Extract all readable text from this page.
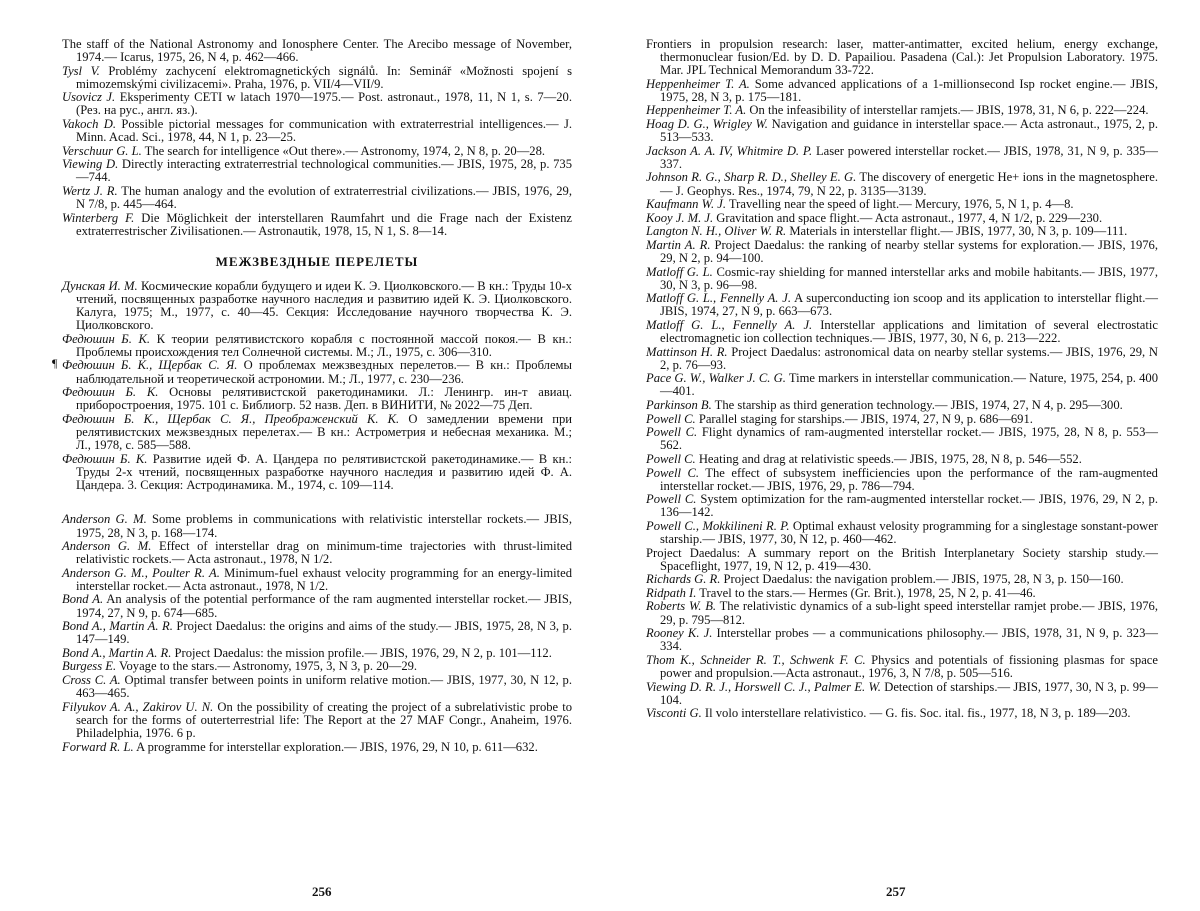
The staff of the National Astronomy and Ionosphere Center. The Arecibo message of November, 1974.— Icarus, 1975, 26, N 4, p. 462—466.

Tysl V. Problémy zachycení elektromagnetických signálů. In: Seminář «Možnosti spojení s mimozemskými civilizacemi». Praha, 1976, p. VII/4—VII/9.

Usovicz J. Eksperimenty CETI w latach 1970—1975.— Post. astronaut., 1978, 11, N 1, s. 7—20. (Рез. на рус., англ. яз.).

Vakoch D. Possible pictorial messages for communication with extraterrestrial intelligences.— J. Minn. Acad. Sci., 1978, 44, N 1, p. 23—25.

Verschuur G. L. The search for intelligence «Out there».— Astronomy, 1974, 2, N 8, p. 20—28.

Viewing D. Directly interacting extraterrestrial technological communities.— JBIS, 1975, 28, p. 735—744.

Wertz J. R. The human analogy and the evolution of extraterrestrial civilizations.— JBIS, 1976, 29, N 7/8, p. 445—464.

Winterberg F. Die Möglichkeit der interstellaren Raumfahrt und die Frage nach der Existenz extraterrestrischer Zivilisationen.— Astronautik, 1978, 15, N 1, S. 8—14.

МЕЖЗВЕЗДНЫЕ ПЕРЕЛЕТЫ

Дунская И. М. Космические корабли будущего и идеи К. Э. Циолковского.— В кн.: Труды 10-х чтений, посвященных разработке научного наследия и развитию идей К. Э. Циолковского. Калуга, 1975; М., 1977, с. 40—45. Секция: Исследование научного творчества К. Э. Циолковского.

Федюшин Б. К. К теории релятивистского корабля с постоянной массой покоя.— В кн.: Проблемы происхождения тел Солнечной системы. М.; Л., 1975, с. 306—310.

Федюшин Б. К., Щербак С. Я. О проблемах межзвездных перелетов.— В кн.: Проблемы наблюдательной и теоретической астрономии. М.; Л., 1977, с. 230—236.

Федюшин Б. К. Основы релятивистской ракетодинамики. Л.: Ленингр. ин-т авиац. приборостроения, 1975. 101 с. Библиогр. 52 назв. Деп. в ВИНИТИ, № 2022—75 Деп.

Федюшин Б. К., Щербак С. Я., Преображенский К. К. О замедлении времени при релятивистских межзвездных перелетах.— В кн.: Астрометрия и небесная механика. М.; Л., 1978, с. 585—588.

Федюшин Б. К. Развитие идей Ф. А. Цандера по релятивистской ракетодинамике.— В кн.: Труды 2-х чтений, посвященных разработке научного наследия и развитию идей Ф. А. Цандера. 3. Секция: Астродинамика. М., 1974, с. 109—114.

Anderson G. M. Some problems in communications with relativistic interstellar rockets.— JBIS, 1975, 28, N 3, p. 168—174.

Anderson G. M. Effect of interstellar drag on minimum-time trajectories with thrust-limited relativistic rockets.— Acta astronaut., 1978, N 1/2.

Anderson G. M., Poulter R. A. Minimum-fuel exhaust velocity programming for an energy-limited interstellar rocket.— Acta astronaut., 1978, N 1/2.

Bond A. An analysis of the potential performance of the ram augmented interstellar rocket.— JBIS, 1974, 27, N 9, p. 674—685.

Bond A., Martin A. R. Project Daedalus: the origins and aims of the study.— JBIS, 1975, 28, N 3, p. 147—149.

Bond A., Martin A. R. Project Daedalus: the mission profile.— JBIS, 1976, 29, N 2, p. 101—112.

Burgess E. Voyage to the stars.— Astronomy, 1975, 3, N 3, p. 20—29.

Cross C. A. Optimal transfer between points in uniform relative motion.— JBIS, 1977, 30, N 12, p. 463—465.

Filyukov A. A., Zakirov U. N. On the possibility of creating the project of a subrelativistic probe to search for the forms of outerterrestrial life: The Report at the 27 MAF Congr., Anaheim, 1976. Philadelphia, 1976. 6 p.

Forward R. L. A programme for interstellar exploration.— JBIS, 1976, 29, N 10, p. 611—632.

¶

Frontiers in propulsion research: laser, matter-antimatter, excited helium, energy exchange, thermonuclear fusion/Ed. by D. D. Papailiou. Pasadena (Cal.): Jet Propulsion Laboratory. 1975. Mar. JPL Technical Memorandum 33-722.

Heppenheimer T. A. Some advanced applications of a 1-millionsecond Isp rocket engine.— JBIS, 1975, 28, N 3, p. 175—181.

Heppenheimer T. A. On the infeasibility of interstellar ramjets.— JBIS, 1978, 31, N 6, p. 222—224.

Hoag D. G., Wrigley W. Navigation and guidance in interstellar space.— Acta astronaut., 1975, 2, p. 513—533.

Jackson A. A. IV, Whitmire D. P. Laser powered interstellar rocket.— JBIS, 1978, 31, N 9, p. 335—337.

Johnson R. G., Sharp R. D., Shelley E. G. The discovery of energetic He+ ions in the magnetosphere.— J. Geophys. Res., 1974, 79, N 22, p. 3135—3139.

Kaufmann W. J. Travelling near the speed of light.— Mercury, 1976, 5, N 1, p. 4—8.

Kooy J. M. J. Gravitation and space flight.— Acta astronaut., 1977, 4, N 1/2, p. 229—230.

Langton N. H., Oliver W. R. Materials in interstellar flight.— JBIS, 1977, 30, N 3, p. 109—111.

Martin A. R. Project Daedalus: the ranking of nearby stellar systems for exploration.— JBIS, 1976, 29, N 2, p. 94—100.

Matloff G. L. Cosmic-ray shielding for manned interstellar arks and mobile habitants.— JBIS, 1977, 30, N 3, p. 96—98.

Matloff G. L., Fennelly A. J. A superconducting ion scoop and its application to interstellar flight.— JBIS, 1974, 27, N 9, p. 663—673.

Matloff G. L., Fennelly A. J. Interstellar applications and limitation of several electrostatic electromagnetic ion collection techniques.— JBIS, 1977, 30, N 6, p. 213—222.

Mattinson H. R. Project Daedalus: astronomical data on nearby stellar systems.— JBIS, 1976, 29, N 2, p. 76—93.

Pace G. W., Walker J. C. G. Time markers in interstellar communication.— Nature, 1975, 254, p. 400—401.

Parkinson B. The starship as third generation technology.— JBIS, 1974, 27, N 4, p. 295—300.

Powell C. Parallel staging for starships.— JBIS, 1974, 27, N 9, p. 686—691.

Powell C. Flight dynamics of ram-augmented interstellar rocket.— JBIS, 1975, 28, N 8, p. 553—562.

Powell C. Heating and drag at relativistic speeds.— JBIS, 1975, 28, N 8, p. 546—552.

Powell C. The effect of subsystem inefficiencies upon the performance of the ram-augmented interstellar rocket.— JBIS, 1976, 29, p. 786—794.

Powell C. System optimization for the ram-augmented interstellar rocket.— JBIS, 1976, 29, N 2, p. 136—142.

Powell C., Mokkilineni R. P. Optimal exhaust velosity programming for a singlestage sonstant-power starship.— JBIS, 1977, 30, N 12, p. 460—462.

Project Daedalus: A summary report on the British Interplanetary Society starship study.— Spaceflight, 1977, 19, N 12, p. 419—430.

Richards G. R. Project Daedalus: the navigation problem.— JBIS, 1975, 28, N 3, p. 150—160.

Ridpath I. Travel to the stars.— Hermes (Gr. Brit.), 1978, 25, N 2, p. 41—46.

Roberts W. B. The relativistic dynamics of a sub-light speed interstellar ramjet probe.— JBIS, 1976, 29, p. 795—812.

Rooney K. J. Interstellar probes — a communications philosophy.— JBIS, 1978, 31, N 9, p. 323—334.

Thom K., Schneider R. T., Schwenk F. C. Physics and potentials of fissioning plasmas for space power and propulsion.—Acta astronaut., 1976, 3, N 7/8, p. 505—516.

Viewing D. R. J., Horswell C. J., Palmer E. W. Detection of starships.— JBIS, 1977, 30, N 3, p. 99—104.

Visconti G. Il volo interstellare relativistico. — G. fis. Soc. ital. fis., 1977, 18, N 3, p. 189—203.

256	257
